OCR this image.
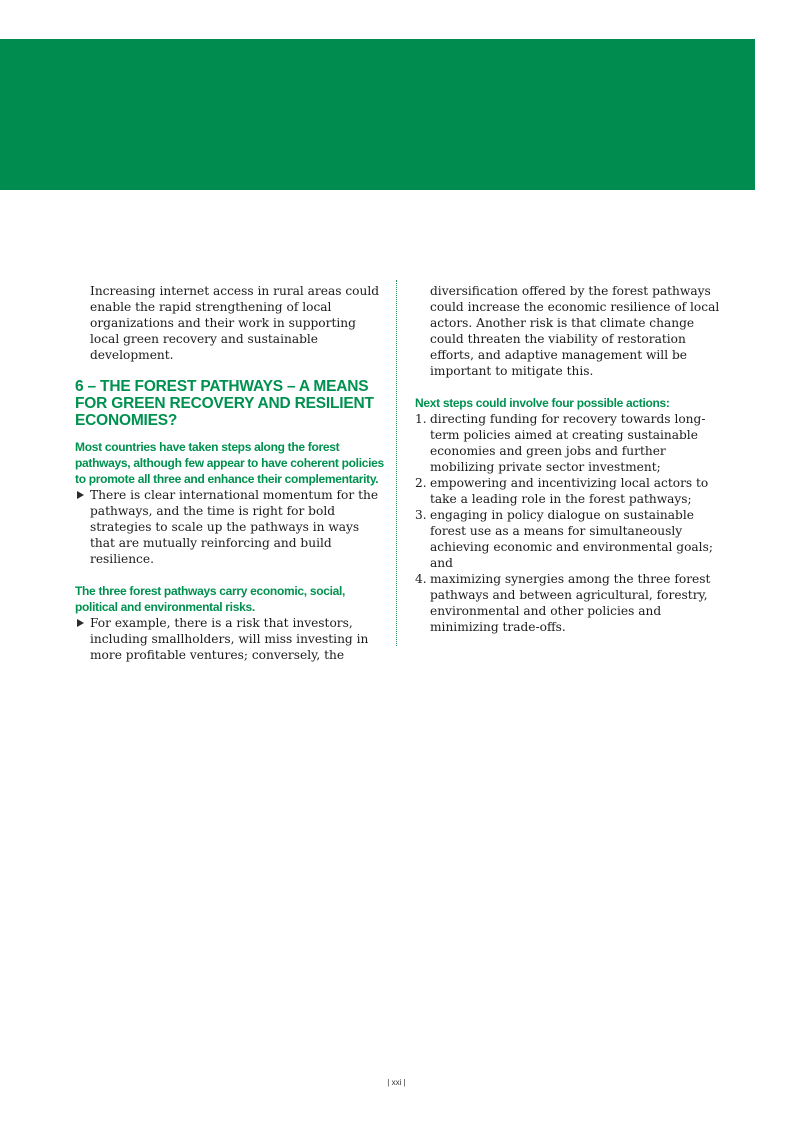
Increasing internet access in rural areas could enable the rapid strengthening of local organizations and their work in supporting local green recovery and sustainable development.

6 – THE FOREST PATHWAYS – A MEANS FOR GREEN RECOVERY AND RESILIENT ECONOMIES?

Most countries have taken steps along the forest pathways, although few appear to have coherent policies to promote all three and enhance their complementarity.

There is clear international momentum for the pathways, and the time is right for bold strategies to scale up the pathways in ways that are mutually reinforcing and build resilience.

The three forest pathways carry economic, social, political and environmental risks.

For example, there is a risk that investors, including smallholders, will miss investing in more profitable ventures; conversely, the

diversification offered by the forest pathways could increase the economic resilience of local actors. Another risk is that climate change could threaten the viability of restoration efforts, and adaptive management will be important to mitigate this.

Next steps could involve four possible actions:

1. directing funding for recovery towards long-term policies aimed at creating sustainable economies and green jobs and further mobilizing private sector investment;
2. empowering and incentivizing local actors to take a leading role in the forest pathways;
3. engaging in policy dialogue on sustainable forest use as a means for simultaneously achieving economic and environmental goals; and
4. maximizing synergies among the three forest pathways and between agricultural, forestry, environmental and other policies and minimizing trade-offs.
| xxi |
